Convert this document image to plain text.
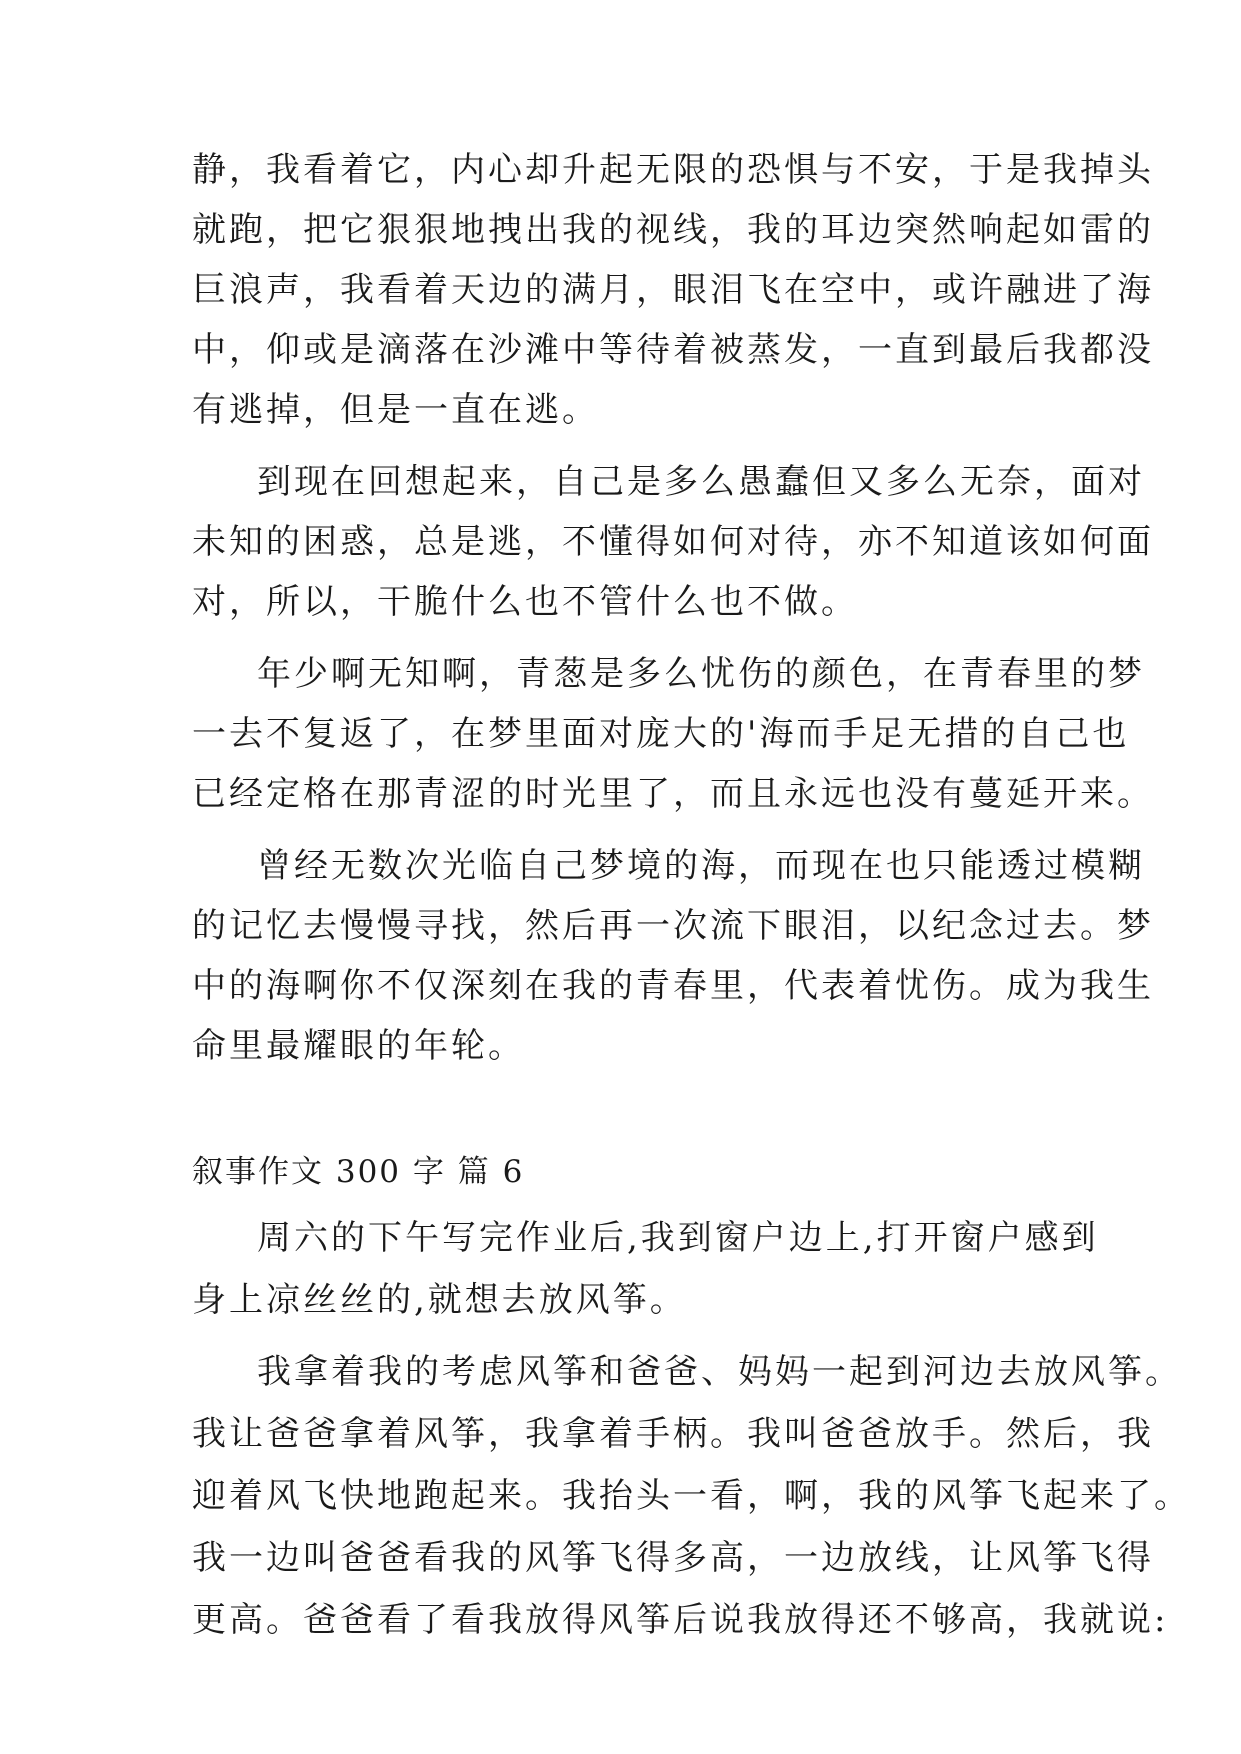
静，我看着它，内心却升起无限的恐惧与不安，于是我掉头
就跑，把它狠狠地拽出我的视线，我的耳边突然响起如雷的
巨浪声，我看着天边的满月，眼泪飞在空中，或许融进了海
中，仰或是滴落在沙滩中等待着被蒸发，一直到最后我都没
有逃掉，但是一直在逃。
到现在回想起来，自己是多么愚蠢但又多么无奈，面对
未知的困惑，总是逃，不懂得如何对待，亦不知道该如何面
对，所以，干脆什么也不管什么也不做。
年少啊无知啊，青葱是多么忧伤的颜色，在青春里的梦
一去不复返了，在梦里面对庞大的'海而手足无措的自己也
已经定格在那青涩的时光里了，而且永远也没有蔓延开来。
曾经无数次光临自己梦境的海，而现在也只能透过模糊
的记忆去慢慢寻找，然后再一次流下眼泪，以纪念过去。梦
中的海啊你不仅深刻在我的青春里，代表着忧伤。成为我生
命里最耀眼的年轮。
叙事作文 300 字 篇 6
周六的下午写完作业后,我到窗户边上,打开窗户感到
身上凉丝丝的,就想去放风筝。
我拿着我的考虑风筝和爸爸、妈妈一起到河边去放风筝。
我让爸爸拿着风筝，我拿着手柄。我叫爸爸放手。然后，我
迎着风飞快地跑起来。我抬头一看，啊，我的风筝飞起来了。
我一边叫爸爸看我的风筝飞得多高，一边放线，让风筝飞得
更高。爸爸看了看我放得风筝后说我放得还不够高，我就说:
